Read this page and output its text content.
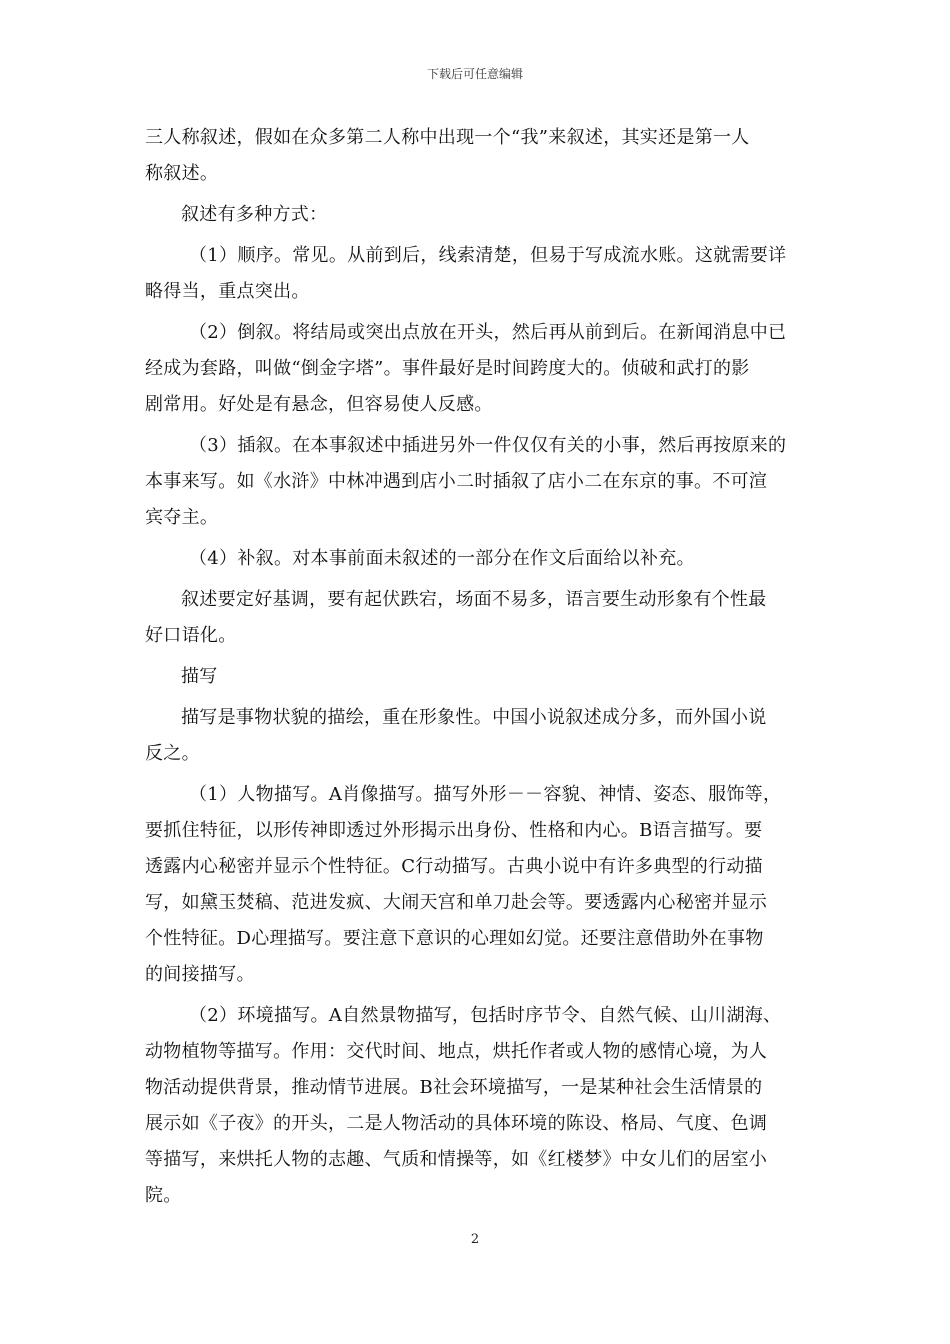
下载后可任意编辑
三人称叙述，假如在众多第二人称中出现一个“我”来叙述，其实还是第一人
称叙述。
叙述有多种方式：
（1）顺序。常见。从前到后，线索清楚，但易于写成流水账。这就需要详
略得当，重点突出。
（2）倒叙。将结局或突出点放在开头，然后再从前到后。在新闻消息中已
经成为套路，叫做“倒金字塔”。事件最好是时间跨度大的。侦破和武打的影
剧常用。好处是有悬念，但容易使人反感。
（3）插叙。在本事叙述中插进另外一件仅仅有关的小事，然后再按原来的
本事来写。如《水浒》中林冲遇到店小二时插叙了店小二在东京的事。不可渲
宾夺主。
（4）补叙。对本事前面未叙述的一部分在作文后面给以补充。
叙述要定好基调，要有起伏跌宕，场面不易多，语言要生动形象有个性最
好口语化。
描写
描写是事物状貌的描绘，重在形象性。中国小说叙述成分多，而外国小说
反之。
（1）人物描写。A肖像描写。描写外形－－容貌、神情、姿态、服饰等，
要抓住特征，以形传神即透过外形揭示出身份、性格和内心。B语言描写。要
透露内心秘密并显示个性特征。C行动描写。古典小说中有许多典型的行动描
写，如黛玉焚稿、范进发疯、大闹天宫和单刀赴会等。要透露内心秘密并显示
个性特征。D心理描写。要注意下意识的心理如幻觉。还要注意借助外在事物
的间接描写。
（2）环境描写。A自然景物描写，包括时序节令、自然气候、山川湖海、
动物植物等描写。作用：交代时间、地点，烘托作者或人物的感情心境，为人
物活动提供背景，推动情节进展。B社会环境描写，一是某种社会生活情景的
展示如《子夜》的开头，二是人物活动的具体环境的陈设、格局、气度、色调
等描写，来烘托人物的志趣、气质和情操等，如《红楼梦》中女儿们的居室小
院。
2
